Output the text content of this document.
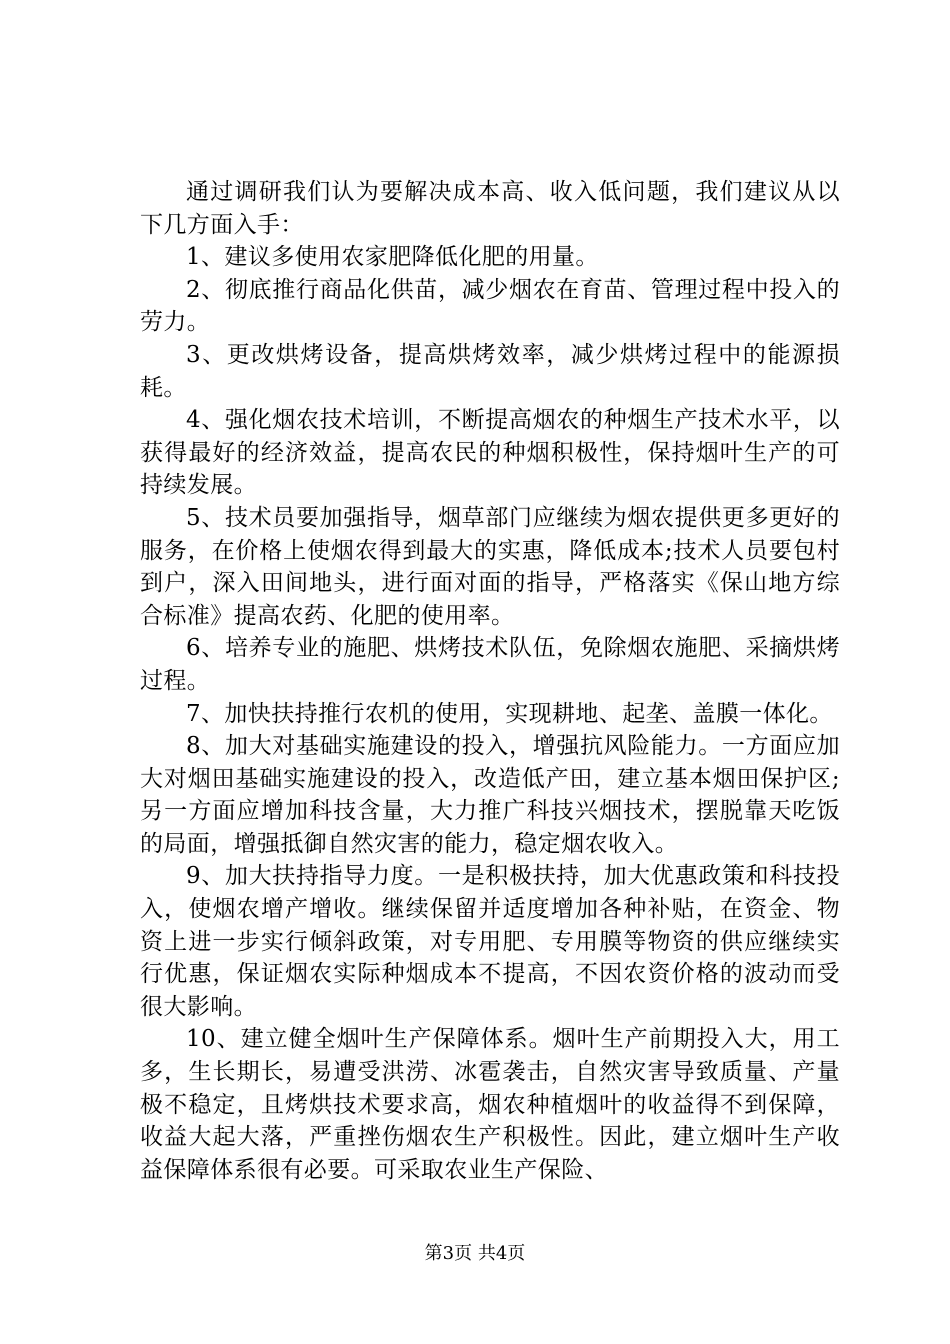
通过调研我们认为要解决成本高、收入低问题，我们建议从以下几方面入手：

1、建议多使用农家肥降低化肥的用量。

2、彻底推行商品化供苗，减少烟农在育苗、管理过程中投入的劳力。

3、更改烘烤设备，提高烘烤效率，减少烘烤过程中的能源损耗。

4、强化烟农技术培训，不断提高烟农的种烟生产技术水平，以获得最好的经济效益，提高农民的种烟积极性，保持烟叶生产的可持续发展。

5、技术员要加强指导，烟草部门应继续为烟农提供更多更好的服务，在价格上使烟农得到最大的实惠，降低成本;技术人员要包村到户，深入田间地头，进行面对面的指导，严格落实《保山地方综合标准》提高农药、化肥的使用率。

6、培养专业的施肥、烘烤技术队伍，免除烟农施肥、采摘烘烤过程。

7、加快扶持推行农机的使用，实现耕地、起垄、盖膜一体化。

8、加大对基础实施建设的投入，增强抗风险能力。一方面应加大对烟田基础实施建设的投入，改造低产田，建立基本烟田保护区;另一方面应增加科技含量，大力推广科技兴烟技术，摆脱靠天吃饭的局面，增强抵御自然灾害的能力，稳定烟农收入。

9、加大扶持指导力度。一是积极扶持，加大优惠政策和科技投入，使烟农增产增收。继续保留并适度增加各种补贴，在资金、物资上进一步实行倾斜政策，对专用肥、专用膜等物资的供应继续实行优惠，保证烟农实际种烟成本不提高，不因农资价格的波动而受很大影响。

10、建立健全烟叶生产保障体系。烟叶生产前期投入大，用工多，生长期长，易遭受洪涝、冰雹袭击，自然灾害导致质量、产量极不稳定，且烤烘技术要求高，烟农种植烟叶的收益得不到保障，收益大起大落，严重挫伤烟农生产积极性。因此，建立烟叶生产收益保障体系很有必要。可采取农业生产保险、

第3页 共4页
